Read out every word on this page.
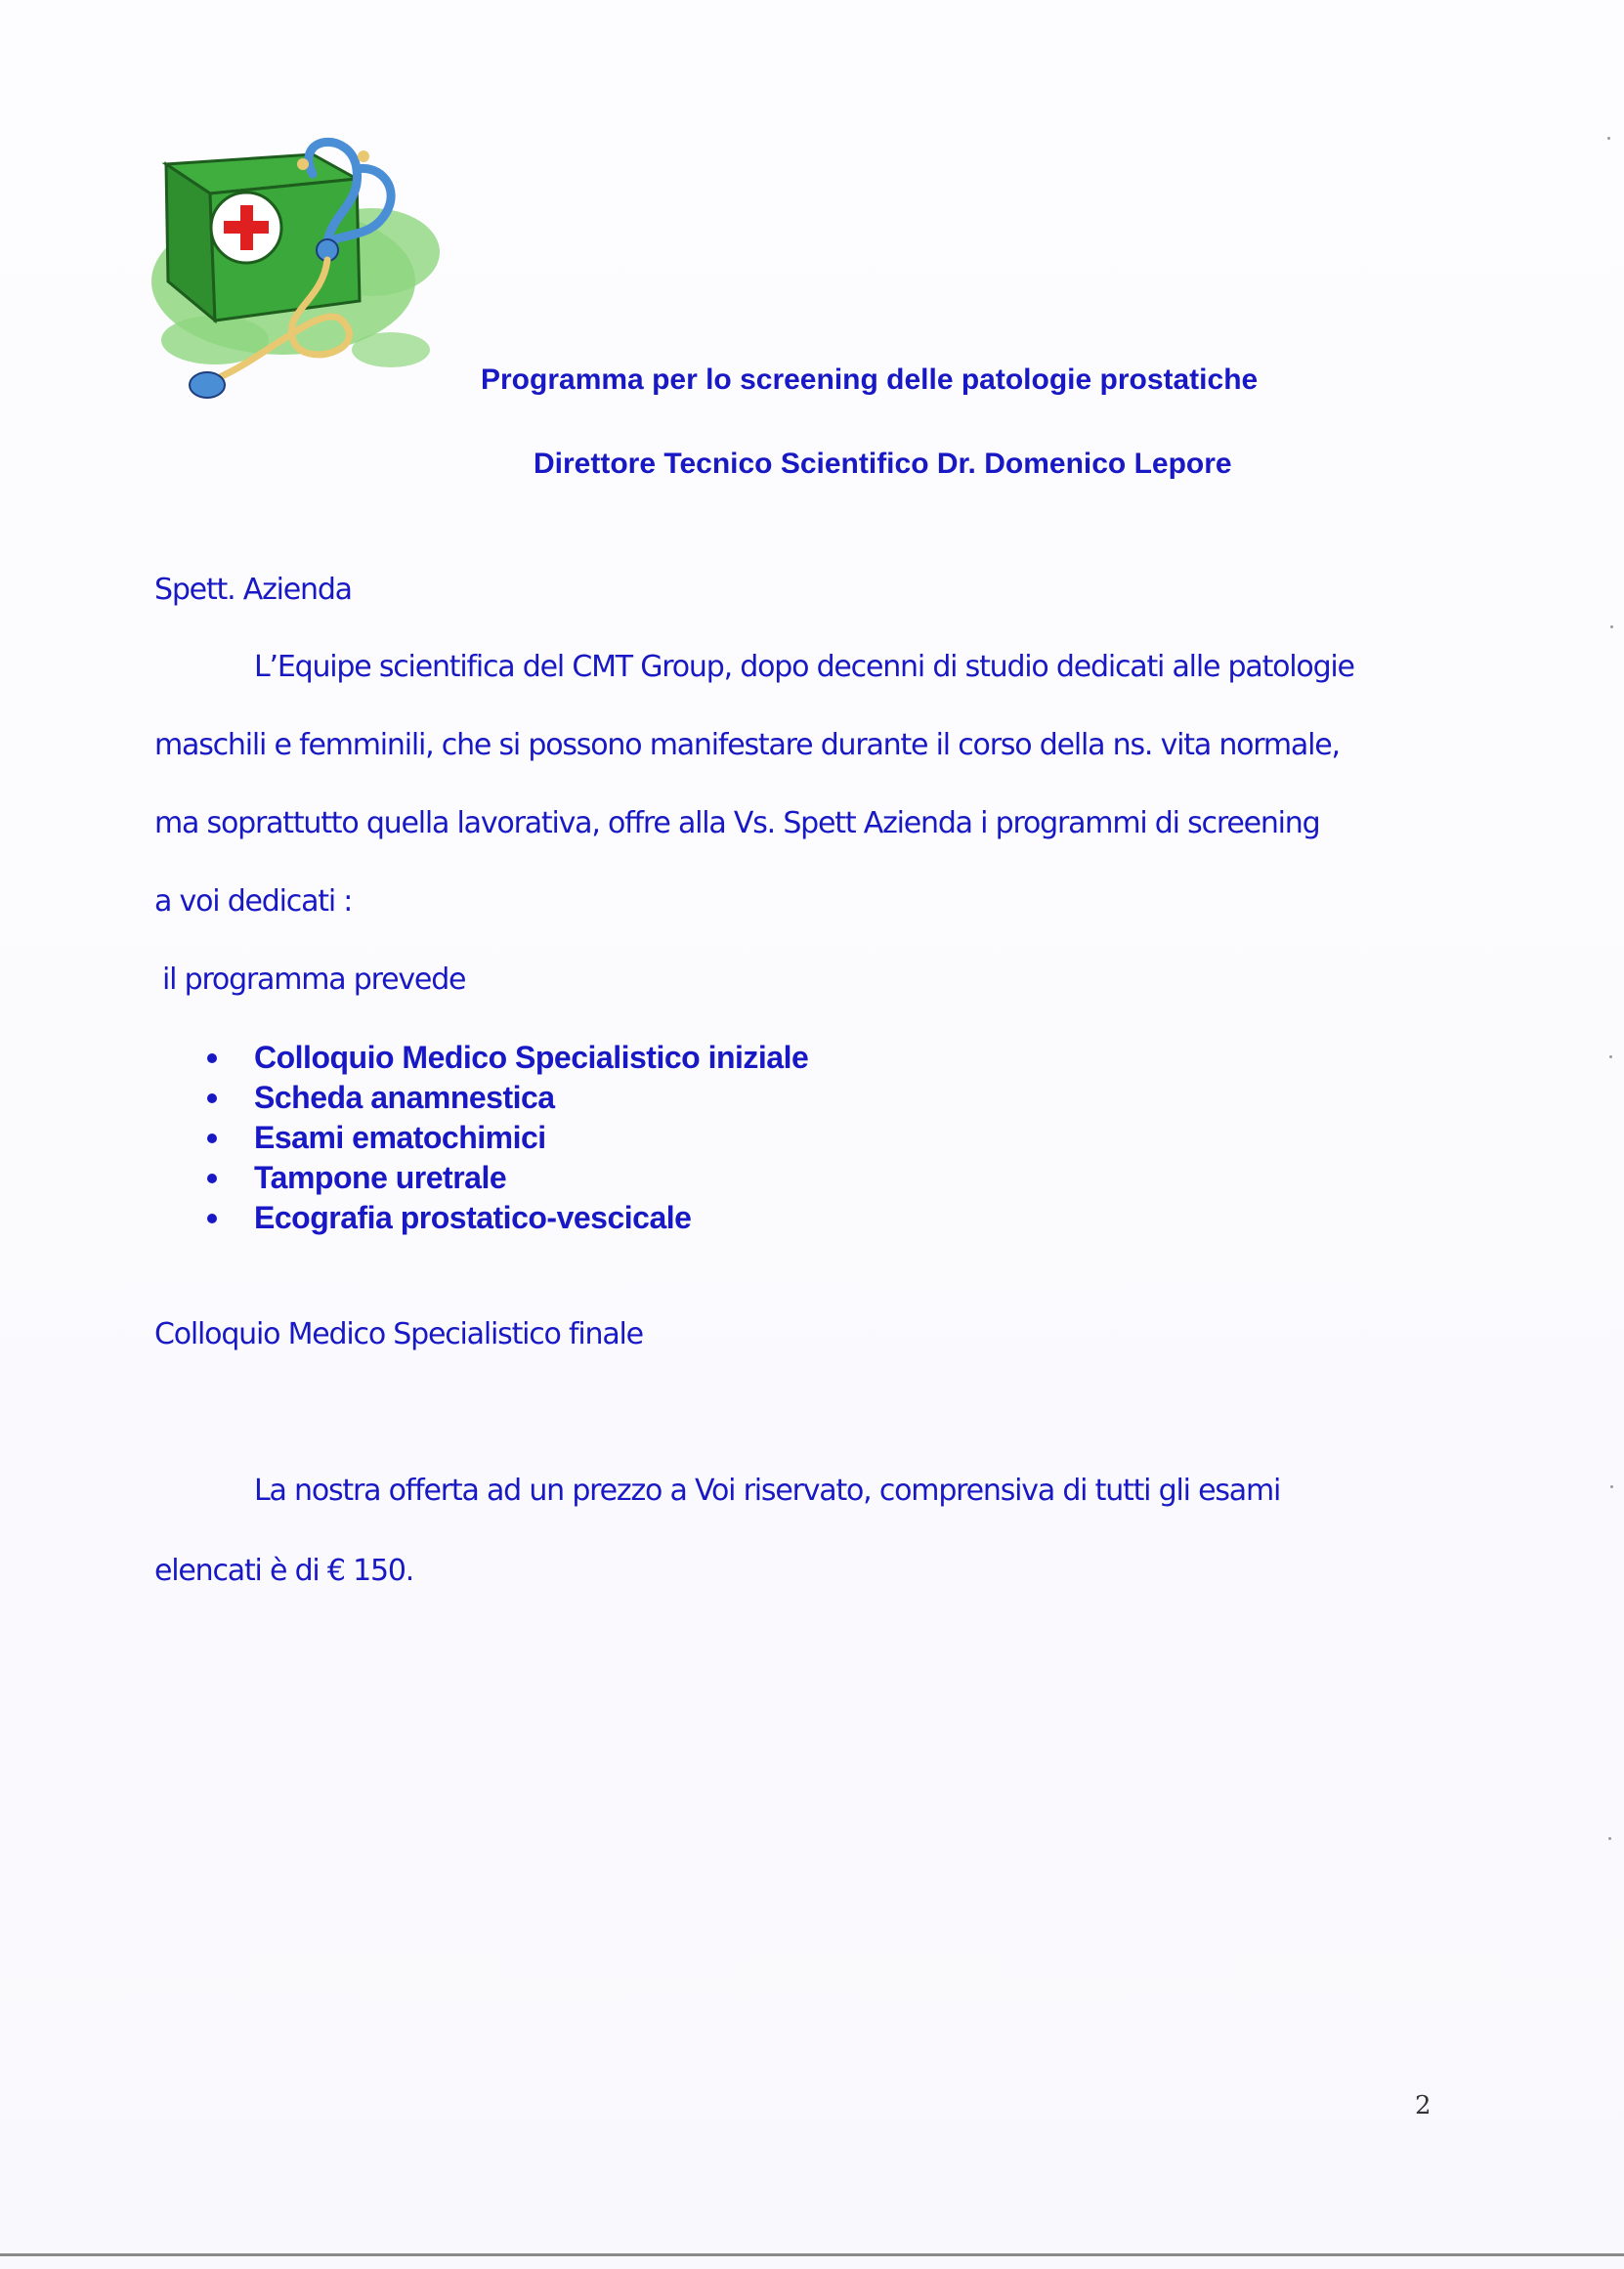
Programma per lo screening delle patologie prostatiche
Direttore Tecnico Scientifico Dr. Domenico Lepore
Spett. Azienda
L’Equipe scientifica del CMT Group, dopo decenni di studio dedicati alle patologie
maschili e femminili, che si possono manifestare durante il corso della ns. vita normale,
ma soprattutto quella lavorativa, offre alla Vs. Spett Azienda i programmi di screening
a voi dedicati :
il programma prevede
Colloquio Medico Specialistico iniziale
Scheda anamnestica
Esami ematochimici
Tampone uretrale
Ecografia prostatico-vescicale
Colloquio Medico Specialistico finale
La nostra offerta ad un prezzo a Voi riservato, comprensiva di tutti gli esami
elencati è di € 150.
2
